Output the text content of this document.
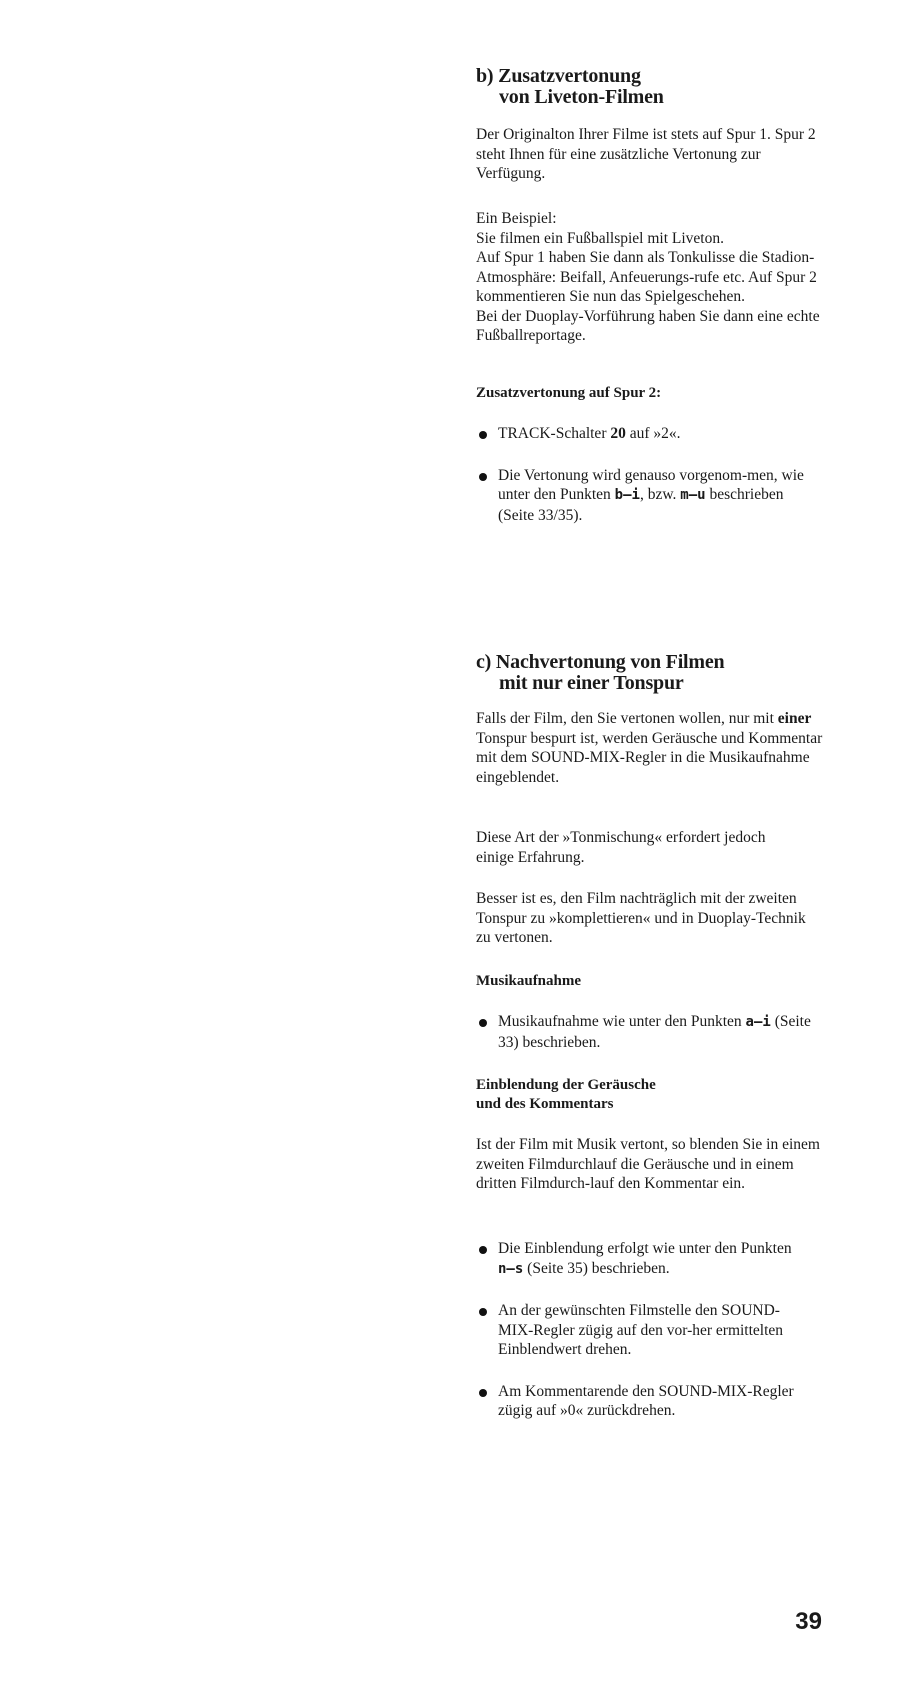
b) Zusatzvertonung
von Liveton-Filmen

Der Originalton Ihrer Filme ist stets auf Spur 1. Spur 2 steht Ihnen für eine zusätzliche Vertonung zur Verfügung.

Ein Beispiel:

Sie filmen ein Fußballspiel mit Liveton.

Auf Spur 1 haben Sie dann als Tonkulisse die Stadion-Atmosphäre: Beifall, Anfeuerungs-rufe etc. Auf Spur 2 kommentieren Sie nun das Spielgeschehen.

Bei der Duoplay-Vorführung haben Sie dann eine echte Fußballreportage.

Zusatzvertonung auf Spur 2:

TRACK-Schalter 20 auf »2«.
Die Vertonung wird genauso vorgenom-men, wie unter den Punkten b–i, bzw. m–u beschrieben (Seite 33/35).
c) Nachvertonung von Filmen
mit nur einer Tonspur

Falls der Film, den Sie vertonen wollen, nur mit einer Tonspur bespurt ist, werden Geräusche und Kommentar mit dem SOUND-MIX-Regler in die Musikaufnahme eingeblendet.

Diese Art der »Tonmischung« erfordert jedoch einige Erfahrung.

Besser ist es, den Film nachträglich mit der zweiten Tonspur zu »komplettieren« und in Duoplay-Technik zu vertonen.

Musikaufnahme

Musikaufnahme wie unter den Punkten a–i (Seite 33) beschrieben.

Einblendung der Geräusche

und des Kommentars

Ist der Film mit Musik vertont, so blenden Sie in einem zweiten Filmdurchlauf die Geräusche und in einem dritten Filmdurch-lauf den Kommentar ein.

Die Einblendung erfolgt wie unter den Punkten n–s (Seite 35) beschrieben.
An der gewünschten Filmstelle den SOUND-MIX-Regler zügig auf den vor-her ermittelten Einblendwert drehen.
Am Kommentarende den SOUND-MIX-Regler zügig auf »0« zurückdrehen.
39
